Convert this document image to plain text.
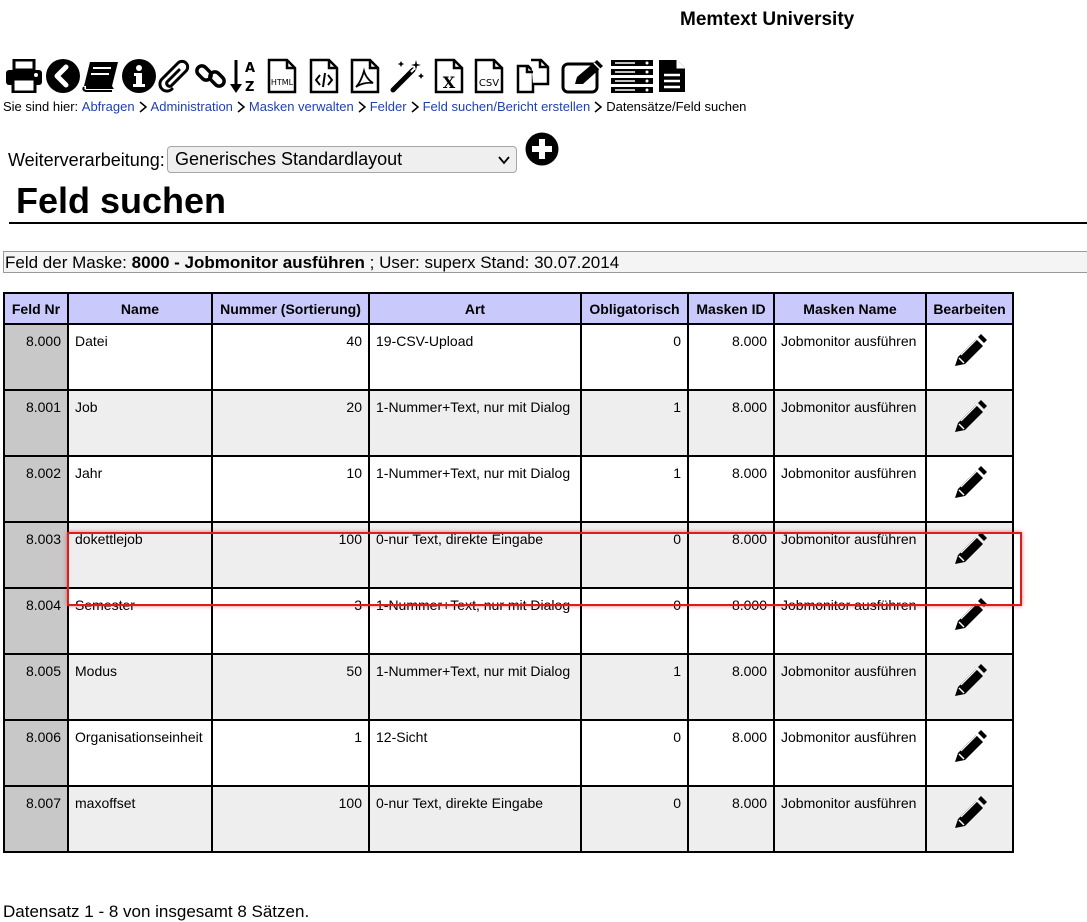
Memtext University
A
Z HTML	X CSV
Sie sind hier:
Abfragen Administration Masken verwalten Felder Feld suchen/Bericht erstellen Datensätze/Feld suchen
Weiterverarbeitung: Generisches Standardlayout
Feld suchen
Feld der Maske: 8000 - Jobmonitor ausführen ; User: superx Stand: 30.07.2014
Feld Nr	Name	Nummer (Sortierung)	Art	Obligatorisch	Masken ID	Masken Name	Bearbeiten
8.000	Datei	40	19-CSV-Upload	0	8.000	Jobmonitor ausführen	
8.001	Job	20	1-Nummer+Text, nur mit Dialog	1	8.000	Jobmonitor ausführen	
8.002	Jahr	10	1-Nummer+Text, nur mit Dialog	1	8.000	Jobmonitor ausführen	
8.003	dokettlejob	100	0-nur Text, direkte Eingabe	0	8.000	Jobmonitor ausführen	
8.004	Semester	3	1-Nummer+Text, nur mit Dialog	0	8.000	Jobmonitor ausführen	
8.005	Modus	50	1-Nummer+Text, nur mit Dialog	1	8.000	Jobmonitor ausführen	
8.006	Organisationseinheit	1	12-Sicht	0	8.000	Jobmonitor ausführen	
8.007	maxoffset	100	0-nur Text, direkte Eingabe	0	8.000	Jobmonitor ausführen	
Datensatz 1 - 8 von insgesamt 8 Sätzen.
